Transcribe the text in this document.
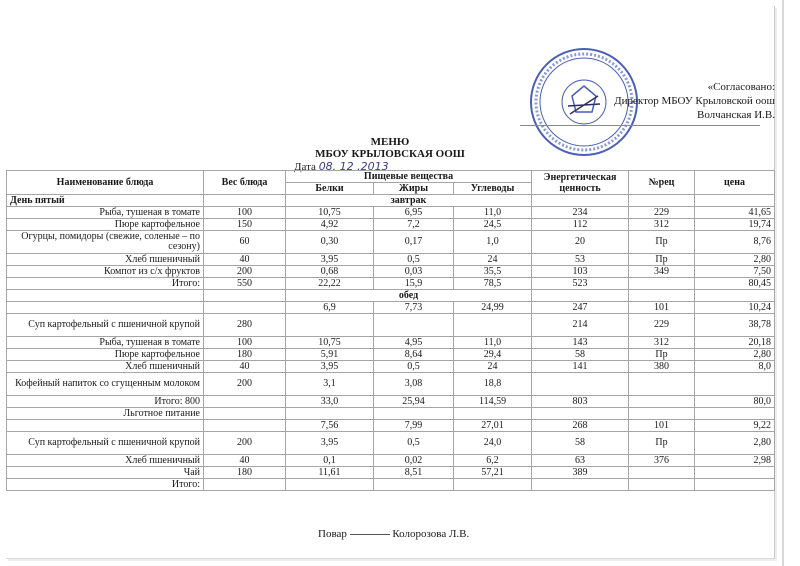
«Согласовано:
Директор МБОУ Крыловской оош
Волчанская И.В.
МЕНЮ
МБОУ КРЫЛОВСКАЯ ООШ
Дата 08. 12 .2013
Наименование блюда	Вес блюда	Пищевые вещества			Энергетическая ценность	№рец	цена
		Белки	Жиры	Углеводы			
День пятый		завтрак					
Рыба, тушеная в томате	100	10,75	6,95	11,0	234	229	41,65
Пюре картофельное	150	4,92	7,2	24,5	112	312	19,74
Огурцы, помидоры (свежие, соленые – по сезону)	60	0,30	0,17	1,0	20	Пр	8,76
Хлеб пшеничный	40	3,95	0,5	24	53	Пр	2,80
Компот из с/х фруктов	200	0,68	0,03	35,5	103	349	7,50
Итого:	550	22,22	15,9	78,5	523		80,45
		обед					
		6,9	7,73	24,99	247	101	10,24
Суп картофельный с пшеничной крупой	280				214	229	38,78
Рыба, тушеная в томате	100	10,75	4,95	11,0	143	312	20,18
Пюре картофельное	180	5,91	8,64	29,4	58	Пр	2,80
Хлеб пшеничный	40	3,95	0,5	24	141	380	8,0
Кофейный напиток со сгущенным молоком	200	3,1	3,08	18,8			
Итого: 800		33,0	25,94	114,59	803		80,0
Льготное питание							
		7,56	7,99	27,01	268	101	9,22
Суп картофельный с пшеничной крупой	200	3,95	0,5	24,0	58	Пр	2,80
Хлеб пшеничный	40	0,1	0,02	6,2	63	376	2,98
Чай	180	11,61	8,51	57,21	389		
Итого:							
Повар	Колорозова Л.В.
